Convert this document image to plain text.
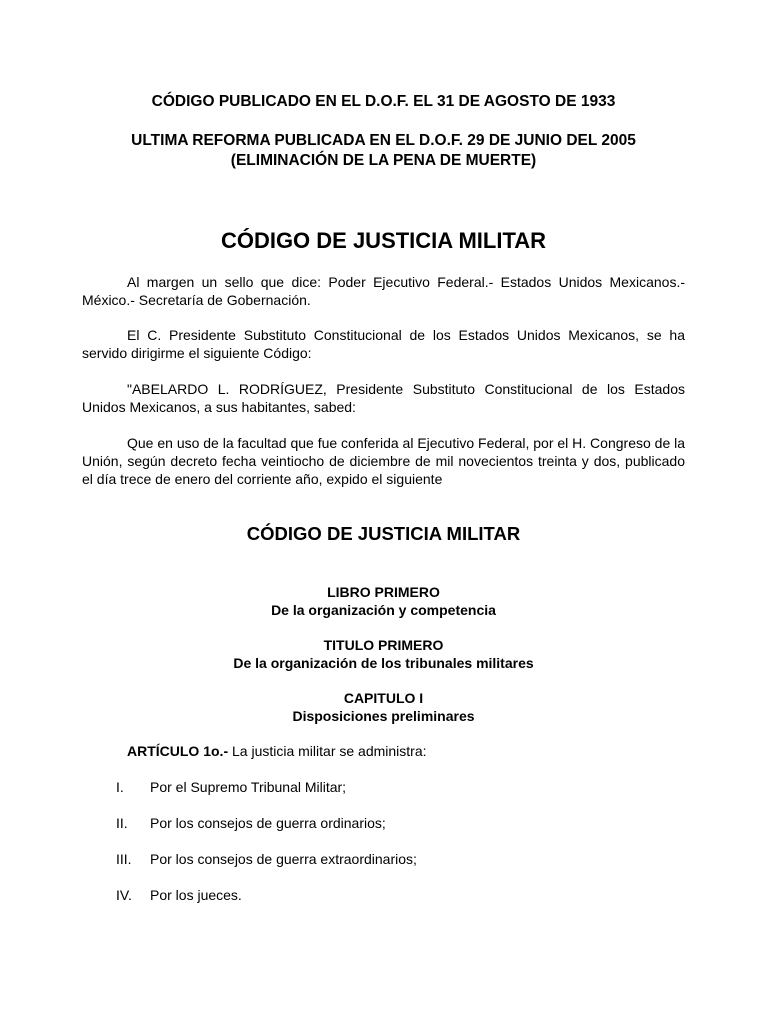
CÓDIGO PUBLICADO EN EL D.O.F. EL 31 DE AGOSTO DE 1933
ULTIMA REFORMA PUBLICADA EN EL D.O.F. 29 DE JUNIO DEL 2005
(ELIMINACIÓN DE LA PENA DE MUERTE)
CÓDIGO DE JUSTICIA MILITAR
Al margen un sello que dice: Poder Ejecutivo Federal.- Estados Unidos Mexicanos.- México.- Secretaría de Gobernación.
El C. Presidente Substituto Constitucional de los Estados Unidos Mexicanos, se ha servido dirigirme el siguiente Código:
"ABELARDO L. RODRÍGUEZ, Presidente Substituto Constitucional de los Estados Unidos Mexicanos, a sus habitantes, sabed:
Que en uso de la facultad que fue conferida al Ejecutivo Federal, por el H. Congreso de la Unión, según decreto fecha veintiocho de diciembre de mil novecientos treinta y dos, publicado el día trece de enero del corriente año, expido el siguiente
CÓDIGO DE JUSTICIA MILITAR
LIBRO PRIMERO
De la organización y competencia
TITULO PRIMERO
De la organización de los tribunales militares
CAPITULO I
Disposiciones preliminares
ARTÍCULO 1o.- La justicia militar se administra:
I. Por el Supremo Tribunal Militar;
II. Por los consejos de guerra ordinarios;
III. Por los consejos de guerra extraordinarios;
IV. Por los jueces.
